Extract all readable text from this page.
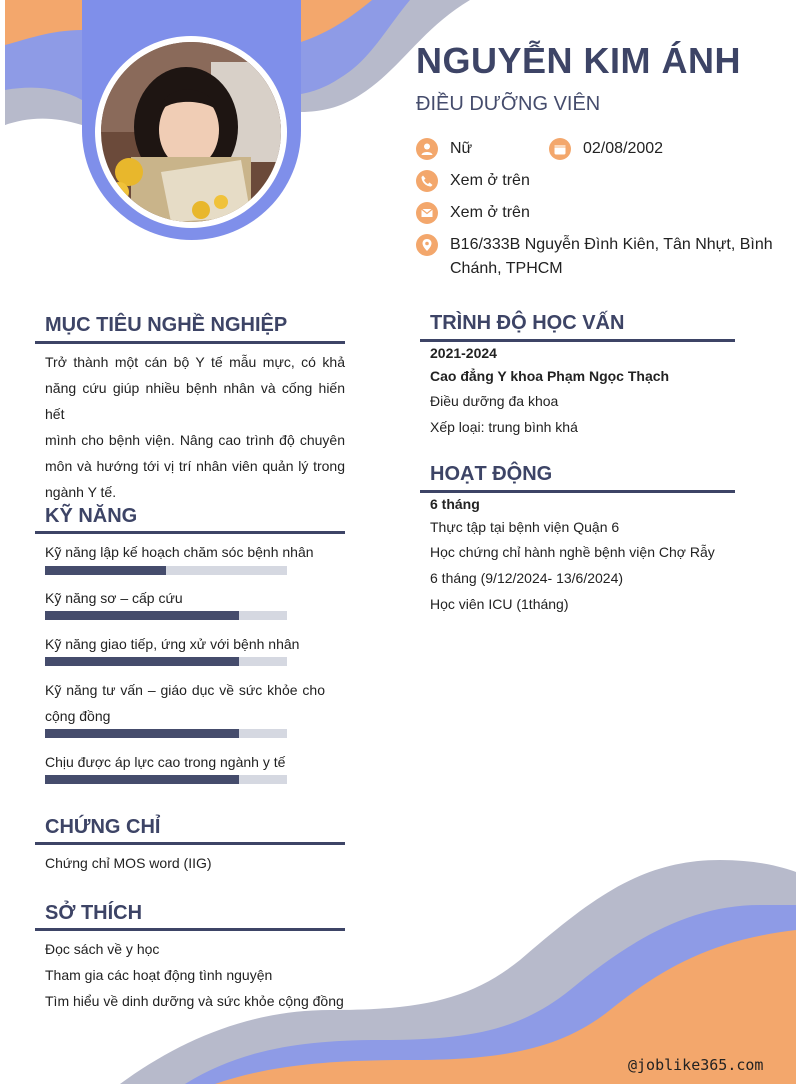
NGUYỄN KIM ÁNH
ĐIỀU DƯỠNG VIÊN
Nữ	02/08/2002
Xem ở trên
Xem ở trên
B16/333B Nguyễn Đình Kiên, Tân Nhựt, Bình
Chánh, TPHCM
MỤC TIÊU NGHỀ NGHIỆP
Trở thành một cán bộ Y tế mẫu mực, có khả
năng cứu giúp nhiều bệnh nhân và cống hiến hết
mình cho bệnh viện. Nâng cao trình độ chuyên
môn và hướng tới vị trí nhân viên quản lý trong
ngành Y tế.
KỸ NĂNG
Kỹ năng lập kế hoạch chăm sóc bệnh nhân
Kỹ năng sơ – cấp cứu
Kỹ năng giao tiếp, ứng xử với bệnh nhân
Kỹ năng tư vấn – giáo dục về sức khỏe cho
cộng đồng
Chịu được áp lực cao trong ngành y tế
CHỨNG CHỈ
Chứng chỉ MOS word (IIG)
SỞ THÍCH
Đọc sách về y học
Tham gia các hoạt động tình nguyện
Tìm hiểu về dinh dưỡng và sức khỏe cộng đồng
TRÌNH ĐỘ HỌC VẤN
2021-2024
Cao đẳng Y khoa Phạm Ngọc Thạch
Điều dưỡng đa khoa
Xếp loại: trung bình khá
HOẠT ĐỘNG
6 tháng
Thực tập tại bệnh viện Quận 6
Học chứng chỉ hành nghề bệnh viện Chợ Rẫy
6 tháng (9/12/2024- 13/6/2024)
Học viên ICU (1tháng)
@joblike365.com
